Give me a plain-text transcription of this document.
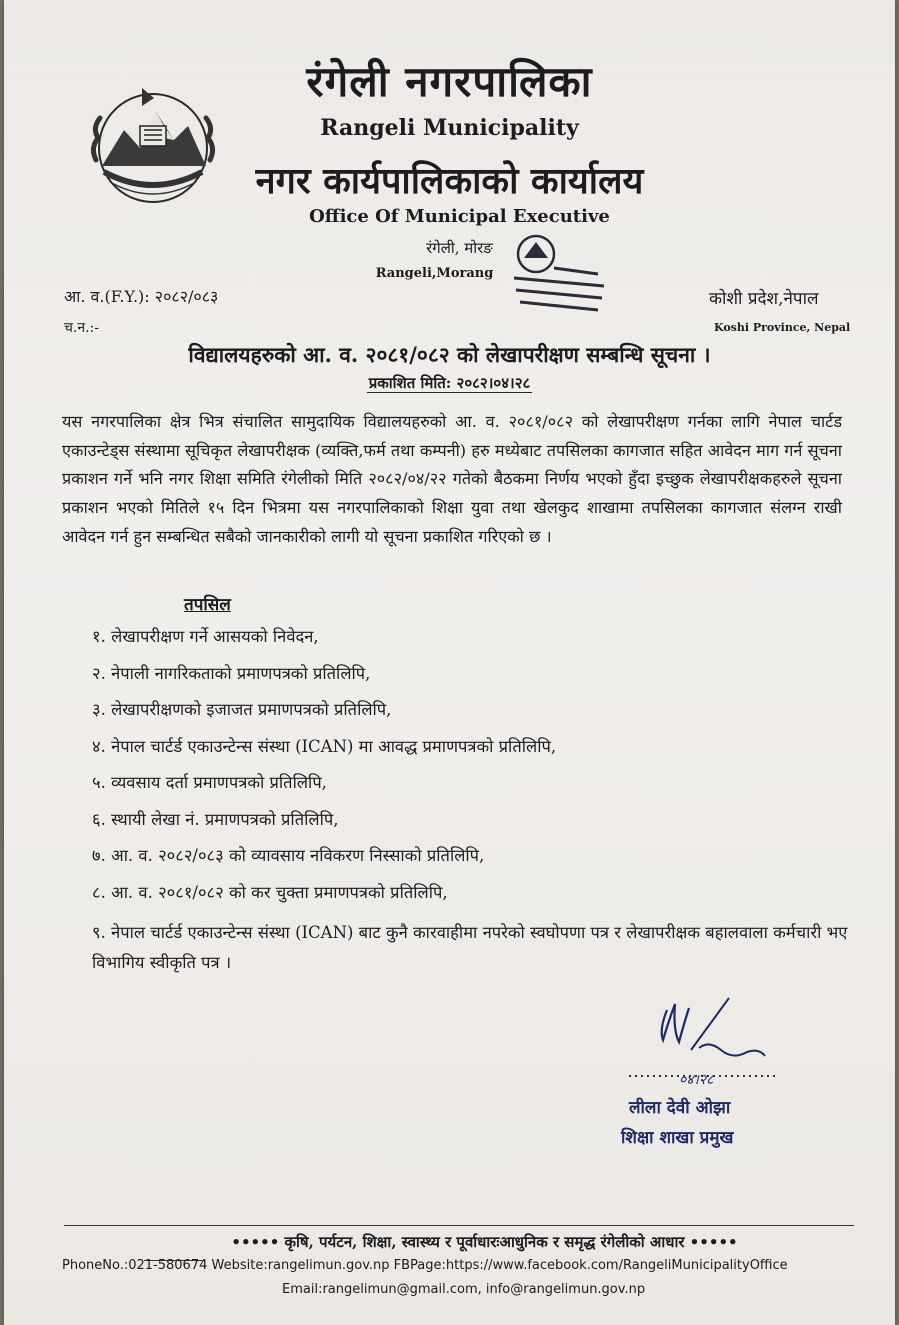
रंगेली नगरपालिका
Rangeli Municipality
नगर कार्यपालिकाको कार्यालय
Office Of Municipal Executive
रंगेली, मोरङ
Rangeli,Morang
आ. व.(F.Y.): २०८२/०८३
च.न.:-
कोशी प्रदेश,नेपाल
Koshi Province, Nepal
विद्यालयहरुको आ. व. २०८१/०८२ को लेखापरीक्षण सम्बन्धि सूचना ।
प्रकाशित मिति: २०८२।०४।२८
यस नगरपालिका क्षेत्र भित्र संचालित सामुदायिक विद्यालयहरुको आ. व. २०८१/०८२ को लेखापरीक्षण गर्नका लागि नेपाल चार्टड एकाउन्टेड्स संस्थामा सूचिकृत लेखापरीक्षक (व्यक्ति,फर्म तथा कम्पनी) हरु मध्येबाट तपसिलका कागजात सहित आवेदन माग गर्न सूचना प्रकाशन गर्ने भनि नगर शिक्षा समिति रंगेलीको मिति २०८२/०४/२२ गतेको बैठकमा निर्णय भएको हुँदा इच्छुक लेखापरीक्षकहरुले सूचना प्रकाशन भएको मितिले १५ दिन भित्रमा यस नगरपालिकाको शिक्षा युवा तथा खेलकुद शाखामा तपसिलका कागजात संलग्न राखी आवेदन गर्न हुन सम्बन्धित सबैको जानकारीको लागी यो सूचना प्रकाशित गरिएको छ ।
तपसिल
१. लेखापरीक्षण गर्ने आसयको निवेदन,
२. नेपाली नागरिकताको प्रमाणपत्रको प्रतिलिपि,
३. लेखापरीक्षणको इजाजत प्रमाणपत्रको प्रतिलिपि,
४. नेपाल चार्टर्ड एकाउन्टेन्स संस्था (ICAN) मा आवद्ध प्रमाणपत्रको प्रतिलिपि,
५. व्यवसाय दर्ता प्रमाणपत्रको प्रतिलिपि,
६. स्थायी लेखा नं. प्रमाणपत्रको प्रतिलिपि,
७. आ. व. २०८२/०८३ को व्यावसाय नविकरण निस्साको प्रतिलिपि,
८. आ. व. २०८१/०८२ को कर चुक्ता प्रमाणपत्रको प्रतिलिपि,
९. नेपाल चार्टर्ड एकाउन्टेन्स संस्था (ICAN) बाट कुनै कारवाहीमा नपरेको स्वघोपणा पत्र र लेखापरीक्षक बहालवाला कर्मचारी भए विभागिय स्वीकृति पत्र ।
०४।२८
लीला देवी ओझा
शिक्षा शाखा प्रमुख
••••• कृषि, पर्यटन, शिक्षा, स्वास्थ्य र पूर्वाधारःआधुनिक र समृद्ध रंगेलीको आधार •••••
PhoneNo.:021-580674 Website:rangelimun.gov.np FBPage:https://www.facebook.com/RangeliMunicipalityOffice
Email:rangelimun@gmail.com, info@rangelimun.gov.np
